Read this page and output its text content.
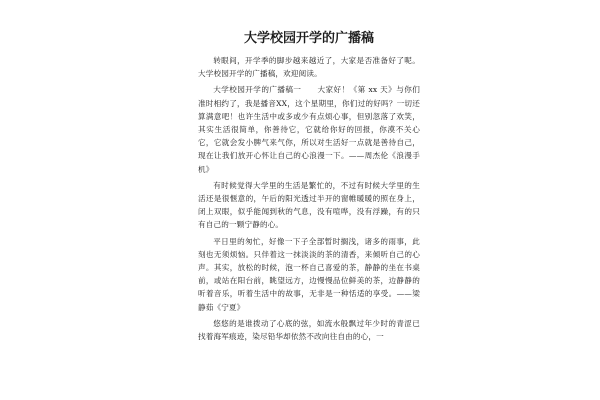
大学校园开学的广播稿

转眼间，开学季的脚步越来越近了，大家是否准备好了呢。大学校园开学的广播稿，欢迎阅读。

大学校园开学的广播稿一　　大家好！《第 xx 天》与你们准时相约了，我是播音XX，这个星期里，你们过的好吗？一切还算满意吧！也许生活中或多或少有点烦心事，但别忽落了欢笑，其实生活很简单，你善待它，它就给你好的回报，你漠不关心它，它就会发小脾气来气你，所以对生活好一点就是善待自己，现在让我们放开心怀让自己的心浪漫一下。——周杰伦《浪漫手机》

有时候觉得大学里的生活是繁忙的，不过有时候大学里的生活还是很惬意的，午后的阳光透过半开的窗帷暖暖的照在身上，闭上双眼，似乎能闻到秋的气息，没有喧哗，没有浮躁，有的只有自己的一颗宁静的心。

平日里的匆忙，好像一下子全部暂时搁浅，诸多的雨事，此刻也无须烦恼。只伴着这一抹淡淡的茶的清香，来倾听自己的心声。其实，放松的时候，泡一杯自己喜爱的茶，静静的坐在书桌前，或站在阳台前，眺望远方，边慢慢品位鲜美的茶，边静静的听着音乐，听着生活中的故事，无非是一种恬适的享受。——梁静茹《宁夏》

悠悠的是谁拨动了心底的弦，如流水般飘过年少时的青涩已找着海军痕迹，染尽铅华却依然不改向往自由的心，一
